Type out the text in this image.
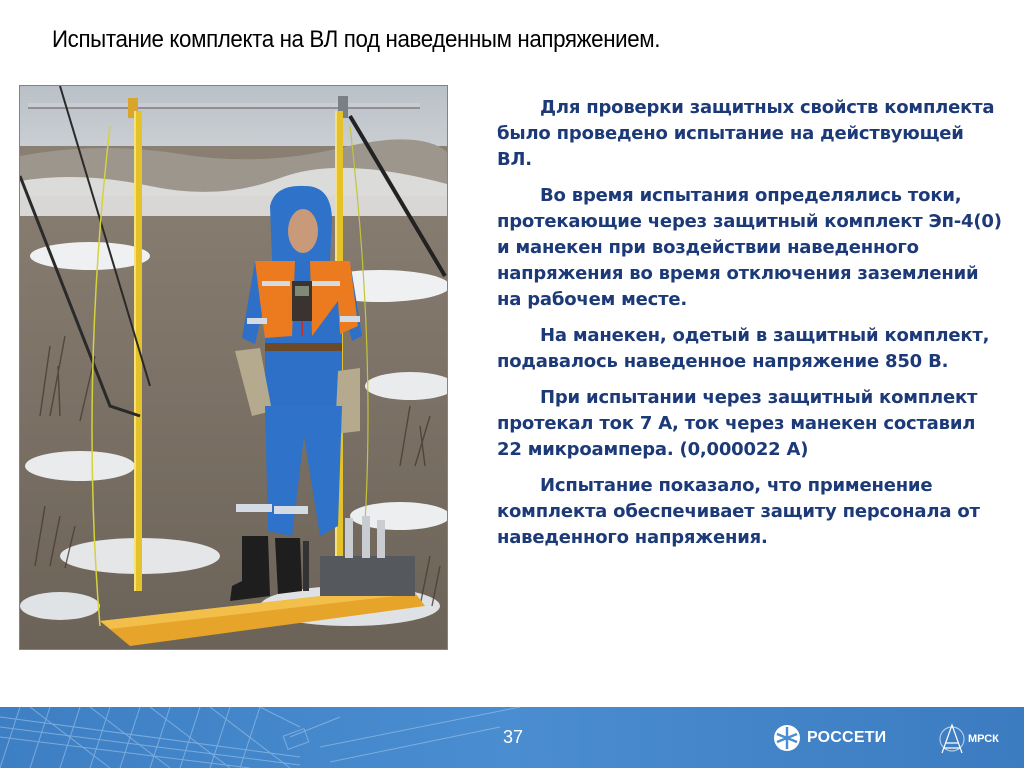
Испытание комплекта на ВЛ под наведенным напряжением.

Для проверки защитных свойств комплекта было проведено испытание на действующей ВЛ.

Во время испытания определялись токи, протекающие через защитный комплект Эп-4(0) и манекен при воздействии наведенного напряжения во время отключения заземлений на рабочем месте.

На манекен, одетый в защитный комплект, подавалось наведенное напряжение 850 В.

При испытании через защитный комплект протекал ток 7 А, ток через манекен составил 22 микроампера. (0,000022 А)

Испытание показало, что применение комплекта обеспечивает защиту персонала от наведенного напряжения.

37	РОССЕТИ	МРСК
